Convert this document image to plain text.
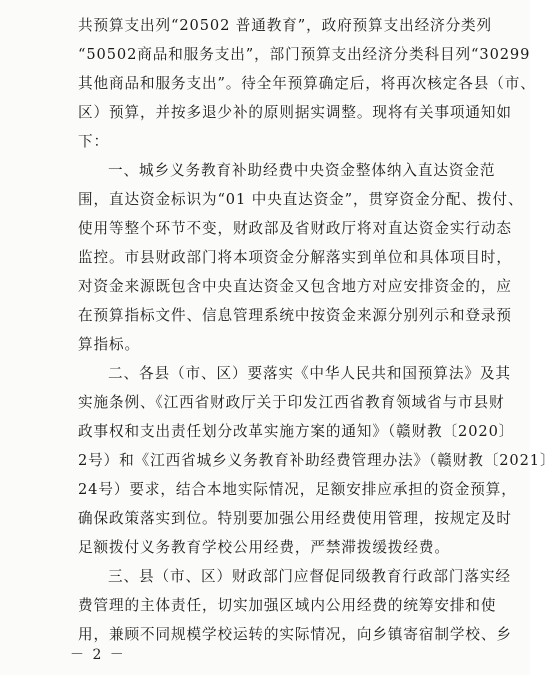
共预算支出列“20502 普通教育”，政府预算支出经济分类列
“50502商品和服务支出”，部门预算支出经济分类科目列“30299
其他商品和服务支出”。待全年预算确定后，将再次核定各县（市、
区）预算，并按多退少补的原则据实调整。现将有关事项通知如
下：
一、城乡义务教育补助经费中央资金整体纳入直达资金范
围，直达资金标识为“01 中央直达资金”，贯穿资金分配、拨付、
使用等整个环节不变，财政部及省财政厅将对直达资金实行动态
监控。市县财政部门将本项资金分解落实到单位和具体项目时，
对资金来源既包含中央直达资金又包含地方对应安排资金的，应
在预算指标文件、信息管理系统中按资金来源分别列示和登录预
算指标。
二、各县（市、区）要落实《中华人民共和国预算法》及其
实施条例、《江西省财政厅关于印发江西省教育领域省与市县财
政事权和支出责任划分改革实施方案的通知》（赣财教〔2020〕
2号）和《江西省城乡义务教育补助经费管理办法》（赣财教〔2021〕
24号）要求，结合本地实际情况，足额安排应承担的资金预算，
确保政策落实到位。特别要加强公用经费使用管理，按规定及时
足额拨付义务教育学校公用经费，严禁滞拨缓拨经费。
三、县（市、区）财政部门应督促同级教育行政部门落实经
费管理的主体责任，切实加强区域内公用经费的统筹安排和使
用，兼顾不同规模学校运转的实际情况，向乡镇寄宿制学校、乡
－ 2 －
